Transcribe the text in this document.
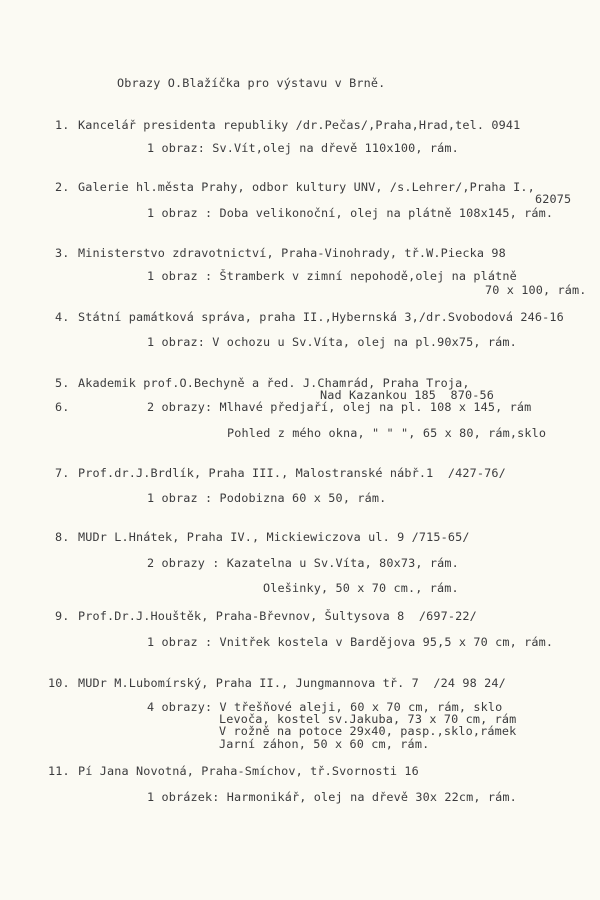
Obrazy O.Blažíčka pro výstavu v Brně.
1. Kancelář presidenta republiky /dr.Pečas/,Praha,Hrad,tel. 0941
1 obraz: Sv.Vít,olej na dřevě 110x100, rám.
2. Galerie hl.města Prahy, odbor kultury UNV, /s.Lehrer/,Praha I.,
62075
1 obraz : Doba velikonoční, olej na plátně 108x145, rám.
3. Ministerstvo zdravotnictví, Praha-Vinohrady, tř.W.Piecka 98
1 obraz : Štramberk v zimní nepohodě,olej na plátně
70 x 100, rám.
4. Státní památková správa, praha II.,Hybernská 3,/dr.Svobodová 246-16
1 obraz: V ochozu u Sv.Víta, olej na pl.90x75, rám.
5. Akademik prof.O.Bechyně a řed. J.Chamrád, Praha Troja,
Nad Kazankou 185  870-56
6.	2 obrazy: Mlhavé předjaří, olej na pl. 108 x 145, rám
Pohled z mého okna, " " ", 65 x 80, rám,sklo
7. Prof.dr.J.Brdlík, Praha III., Malostranské nábř.1  /427-76/
1 obraz : Podobizna 60 x 50, rám.
8. MUDr L.Hnátek, Praha IV., Mickiewiczova ul. 9 /715-65/
2 obrazy : Kazatelna u Sv.Víta, 80x73, rám.
Olešinky, 50 x 70 cm., rám.
9. Prof.Dr.J.Houštěk, Praha-Břevnov, Šultysova 8  /697-22/
1 obraz : Vnitřek kostela v Bardějova 95,5 x 70 cm, rám.
10. MUDr M.Lubomírský, Praha II., Jungmannova tř. 7  /24 98 24/
4 obrazy: V třešňové aleji, 60 x 70 cm, rám, sklo
Levoča, kostel sv.Jakuba, 73 x 70 cm, rám
V rožně na potoce 29x40, pasp.,sklo,rámek
Jarní záhon, 50 x 60 cm, rám.
11. Pí Jana Novotná, Praha-Smíchov, tř.Svornosti 16
1 obrázek: Harmonikář, olej na dřevě 30x 22cm, rám.
